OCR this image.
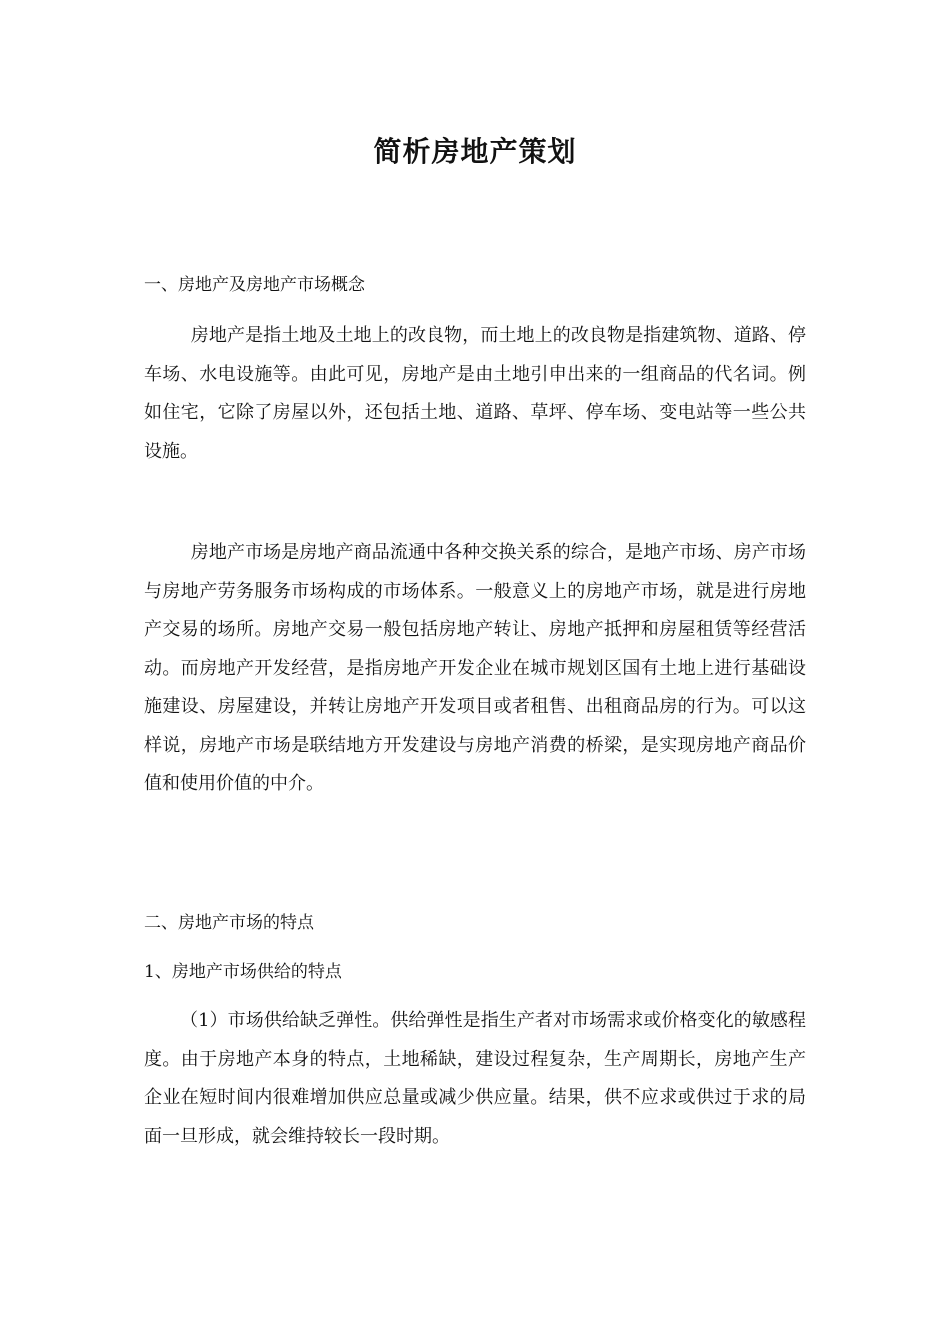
简析房地产策划
一、房地产及房地产市场概念

房地产是指土地及土地上的改良物，而土地上的改良物是指建筑物、道路、停车场、水电设施等。由此可见，房地产是由土地引申出来的一组商品的代名词。例如住宅，它除了房屋以外，还包括土地、道路、草坪、停车场、变电站等一些公共设施。

房地产市场是房地产商品流通中各种交换关系的综合，是地产市场、房产市场与房地产劳务服务市场构成的市场体系。一般意义上的房地产市场，就是进行房地产交易的场所。房地产交易一般包括房地产转让、房地产抵押和房屋租赁等经营活动。而房地产开发经营，是指房地产开发企业在城市规划区国有土地上进行基础设施建设、房屋建设，并转让房地产开发项目或者租售、出租商品房的行为。可以这样说，房地产市场是联结地方开发建设与房地产消费的桥梁，是实现房地产商品价值和使用价值的中介。

二、房地产市场的特点
1、房地产市场供给的特点

（1）市场供给缺乏弹性。供给弹性是指生产者对市场需求或价格变化的敏感程度。由于房地产本身的特点，土地稀缺，建设过程复杂，生产周期长，房地产生产企业在短时间内很难增加供应总量或减少供应量。结果，供不应求或供过于求的局面一旦形成，就会维持较长一段时期。
